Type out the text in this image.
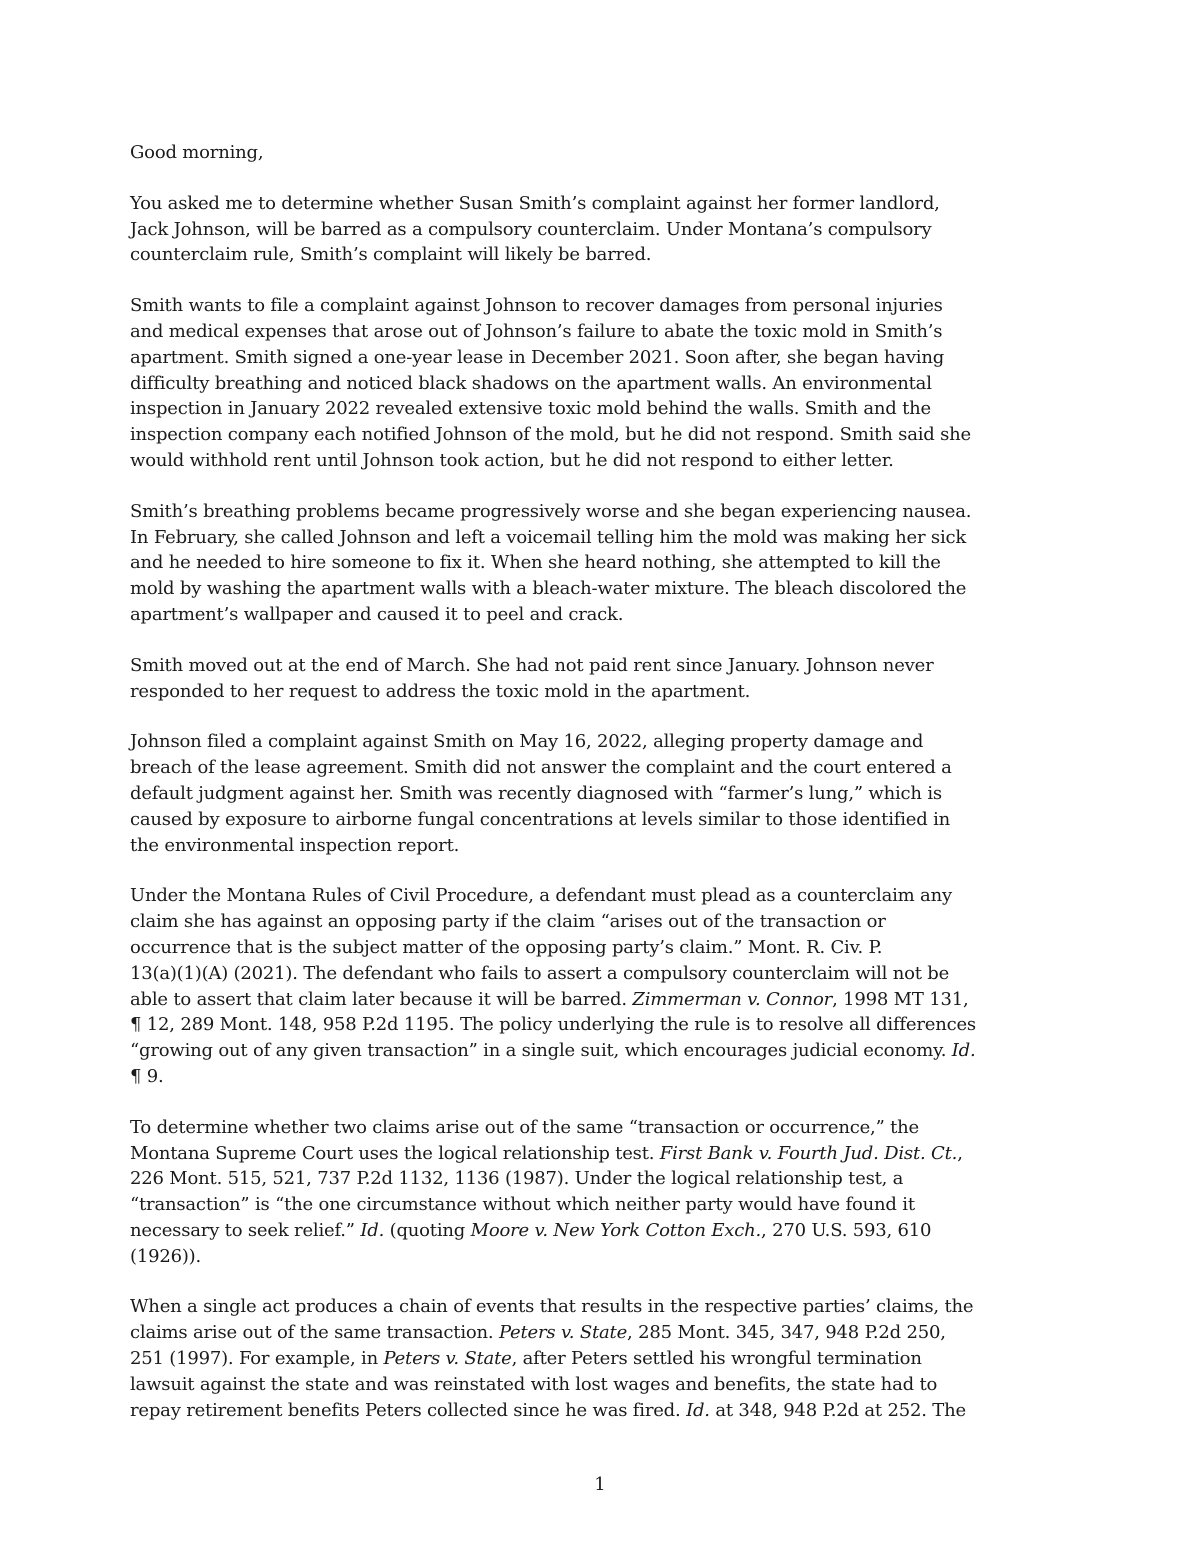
Good morning,
You asked me to determine whether Susan Smith’s complaint against her former landlord,
Jack Johnson, will be barred as a compulsory counterclaim. Under Montana’s compulsory
counterclaim rule, Smith’s complaint will likely be barred.
Smith wants to file a complaint against Johnson to recover damages from personal injuries
and medical expenses that arose out of Johnson’s failure to abate the toxic mold in Smith’s
apartment. Smith signed a one-year lease in December 2021. Soon after, she began having
difficulty breathing and noticed black shadows on the apartment walls. An environmental
inspection in January 2022 revealed extensive toxic mold behind the walls. Smith and the
inspection company each notified Johnson of the mold, but he did not respond. Smith said she
would withhold rent until Johnson took action, but he did not respond to either letter.
Smith’s breathing problems became progressively worse and she began experiencing nausea.
In February, she called Johnson and left a voicemail telling him the mold was making her sick
and he needed to hire someone to fix it. When she heard nothing, she attempted to kill the
mold by washing the apartment walls with a bleach-water mixture. The bleach discolored the
apartment’s wallpaper and caused it to peel and crack.
Smith moved out at the end of March. She had not paid rent since January. Johnson never
responded to her request to address the toxic mold in the apartment.
Johnson filed a complaint against Smith on May 16, 2022, alleging property damage and
breach of the lease agreement. Smith did not answer the complaint and the court entered a
default judgment against her. Smith was recently diagnosed with “farmer’s lung,” which is
caused by exposure to airborne fungal concentrations at levels similar to those identified in
the environmental inspection report.
Under the Montana Rules of Civil Procedure, a defendant must plead as a counterclaim any
claim she has against an opposing party if the claim “arises out of the transaction or
occurrence that is the subject matter of the opposing party’s claim.” Mont. R. Civ. P.
13(a)(1)(A) (2021). The defendant who fails to assert a compulsory counterclaim will not be
able to assert that claim later because it will be barred. Zimmerman v. Connor, 1998 MT 131,
¶ 12, 289 Mont. 148, 958 P.2d 1195. The policy underlying the rule is to resolve all differences
“growing out of any given transaction” in a single suit, which encourages judicial economy. Id.
¶ 9.
To determine whether two claims arise out of the same “transaction or occurrence,” the
Montana Supreme Court uses the logical relationship test. First Bank v. Fourth Jud. Dist. Ct.,
226 Mont. 515, 521, 737 P.2d 1132, 1136 (1987). Under the logical relationship test, a
“transaction” is “the one circumstance without which neither party would have found it
necessary to seek relief.” Id. (quoting Moore v. New York Cotton Exch., 270 U.S. 593, 610
(1926)).
When a single act produces a chain of events that results in the respective parties’ claims, the
claims arise out of the same transaction. Peters v. State, 285 Mont. 345, 347, 948 P.2d 250,
251 (1997). For example, in Peters v. State, after Peters settled his wrongful termination
lawsuit against the state and was reinstated with lost wages and benefits, the state had to
repay retirement benefits Peters collected since he was fired. Id. at 348, 948 P.2d at 252. The
1
